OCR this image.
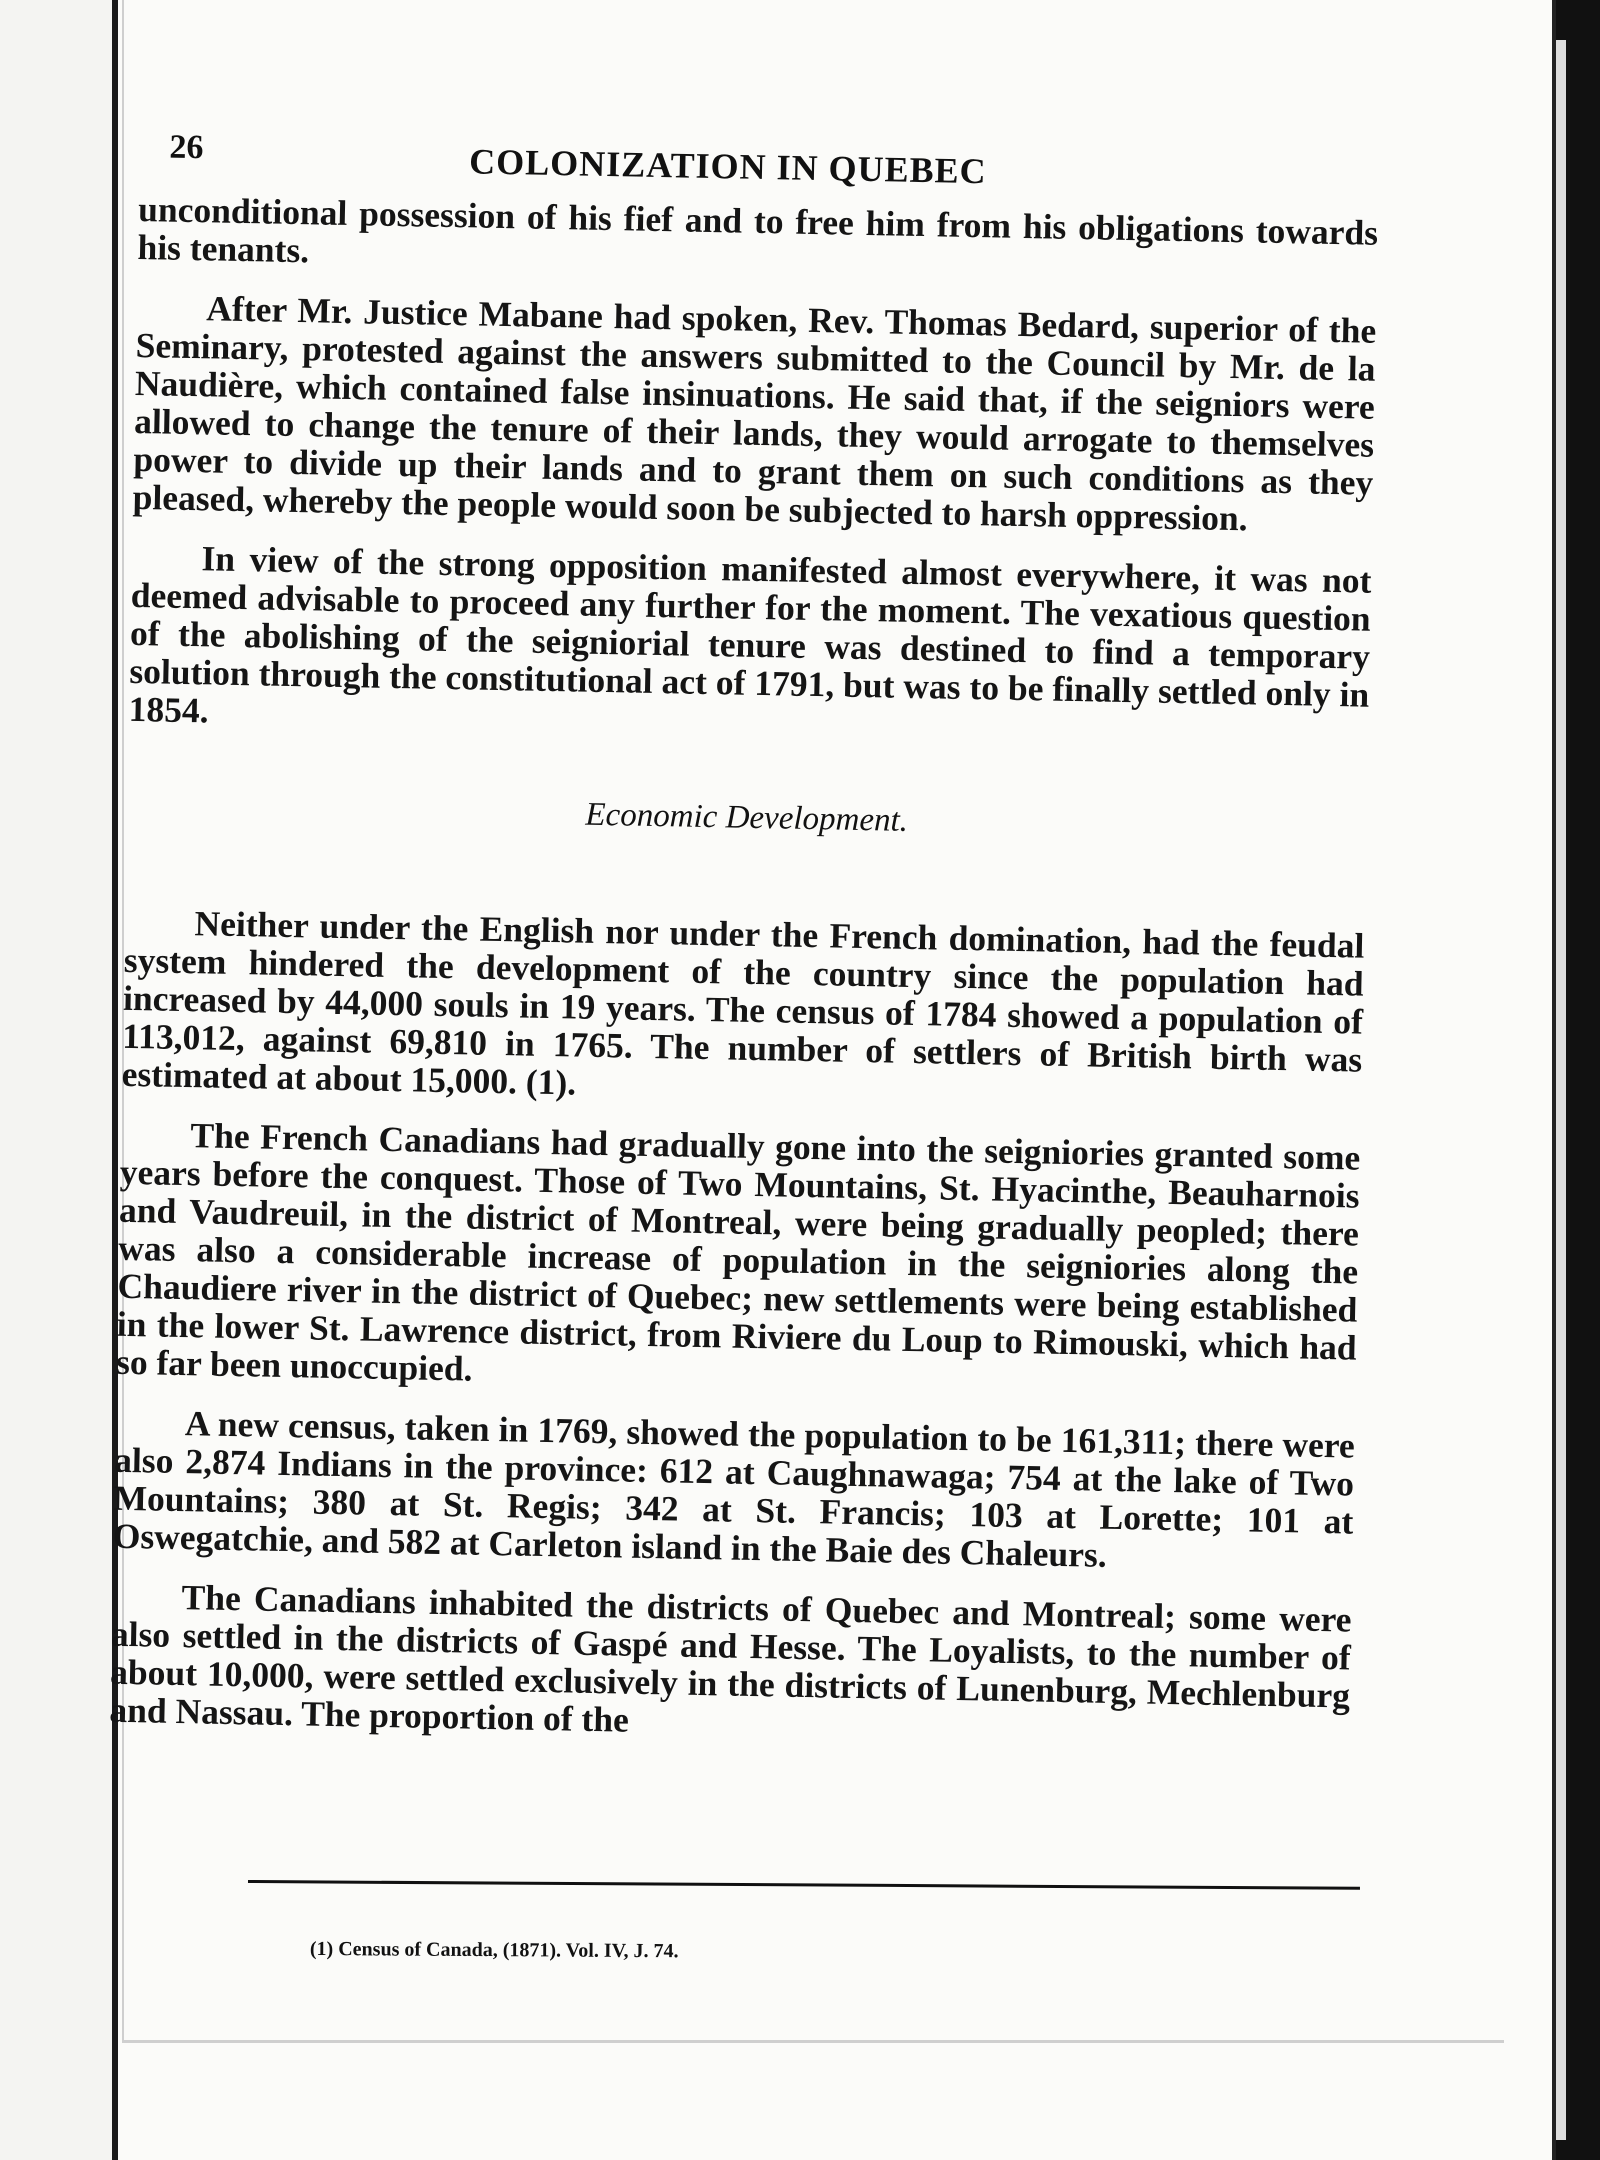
26	COLONIZATION IN QUEBEC

unconditional possession of his fief and to free him from his obligations towards his tenants.

After Mr. Justice Mabane had spoken, Rev. Thomas Bedard, superior of the Seminary, protested against the answers submitted to the Council by Mr. de la Naudière, which contained false insinuations. He said that, if the seigniors were allowed to change the tenure of their lands, they would arrogate to themselves power to divide up their lands and to grant them on such conditions as they pleased, whereby the people would soon be subjected to harsh oppression.

In view of the strong opposition manifested almost everywhere, it was not deemed advisable to proceed any further for the moment. The vexatious question of the abolishing of the seigniorial tenure was destined to find a temporary solution through the constitutional act of 1791, but was to be finally settled only in 1854.

Economic Development.

Neither under the English nor under the French domination, had the feudal system hindered the development of the country since the population had increased by 44,000 souls in 19 years. The census of 1784 showed a population of 113,012, against 69,810 in 1765. The number of settlers of British birth was estimated at about 15,000. (1).

The French Canadians had gradually gone into the seigniories granted some years before the conquest. Those of Two Mountains, St. Hyacinthe, Beauharnois and Vaudreuil, in the district of Montreal, were being gradually peopled; there was also a considerable increase of population in the seigniories along the Chaudiere river in the district of Quebec; new settlements were being established in the lower St. Lawrence district, from Riviere du Loup to Rimouski, which had so far been unoccupied.

A new census, taken in 1769, showed the population to be 161,311; there were also 2,874 Indians in the province: 612 at Caughnawaga; 754 at the lake of Two Mountains; 380 at St. Regis; 342 at St. Francis; 103 at Lorette; 101 at Oswegatchie, and 582 at Carleton island in the Baie des Chaleurs.

The Canadians inhabited the districts of Quebec and Montreal; some were also settled in the districts of Gaspé and Hesse. The Loyalists, to the number of about 10,000, were settled exclusively in the districts of Lunenburg, Mechlenburg and Nassau. The proportion of the

(1) Census of Canada, (1871). Vol. IV, J. 74.
